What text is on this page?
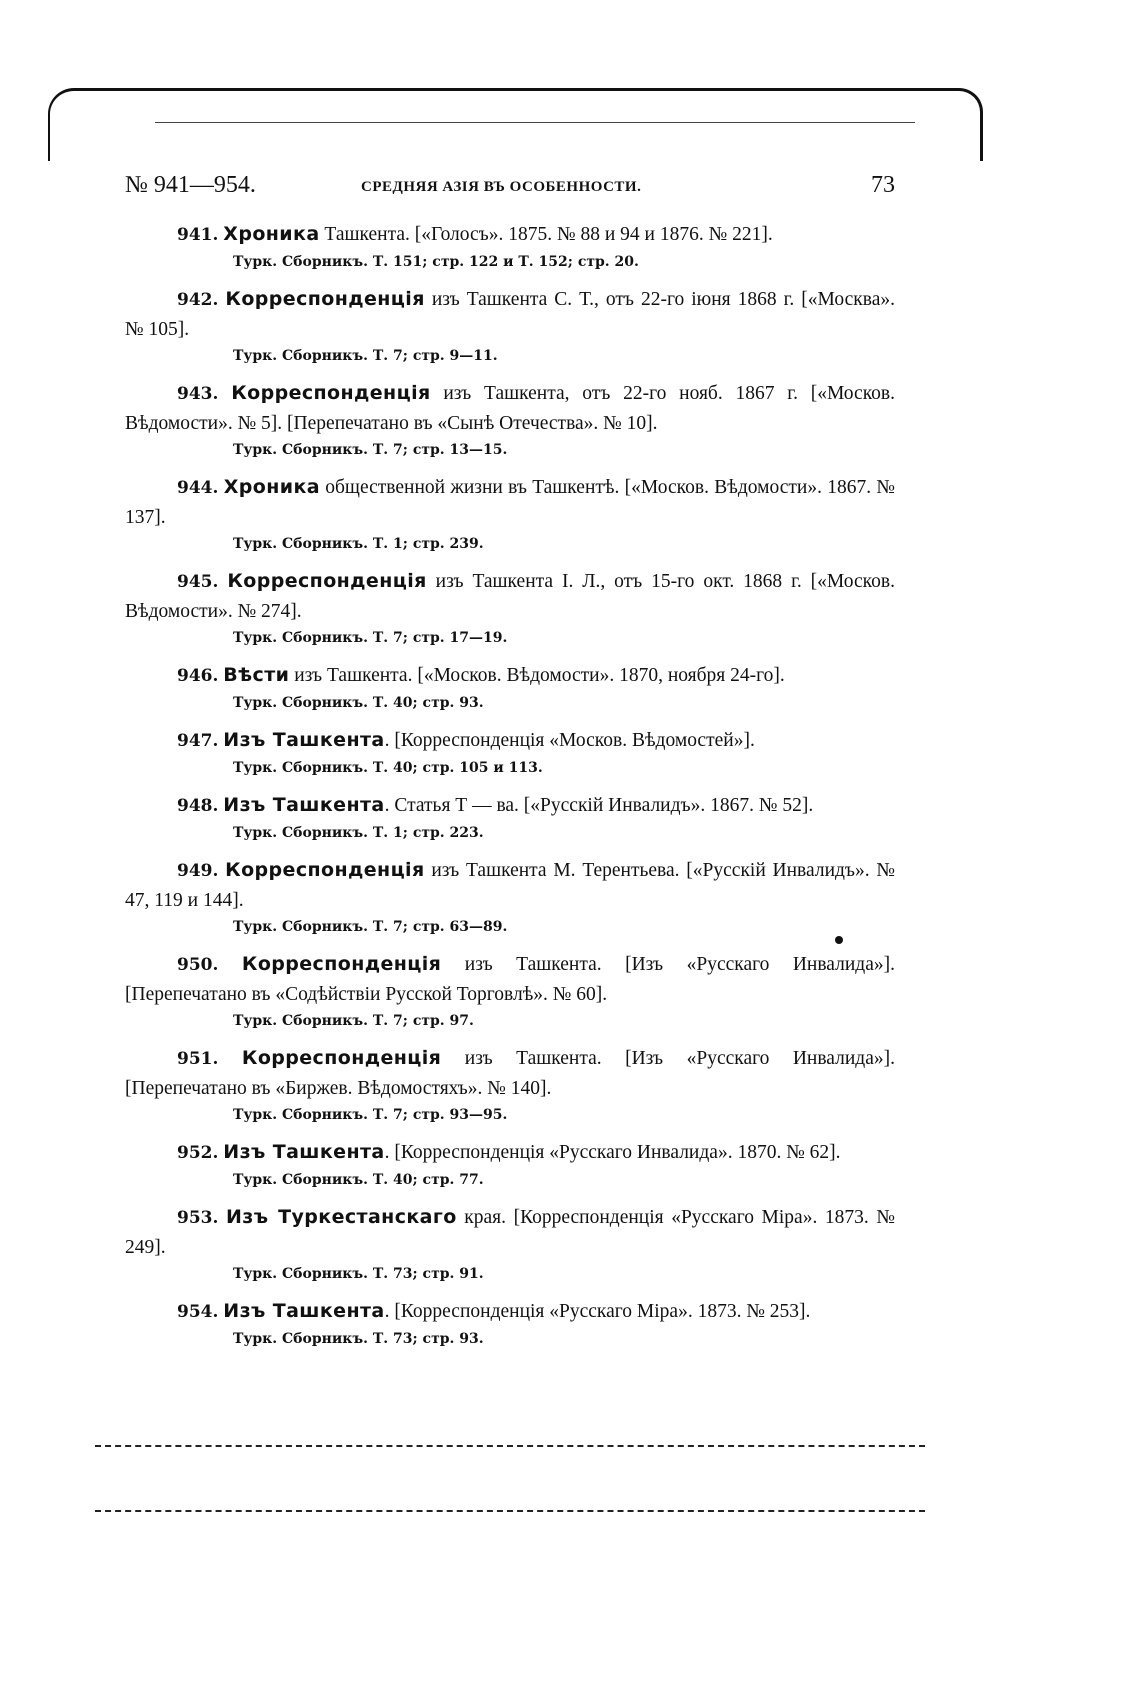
№ 941—954.	СРЕДНЯЯ АЗІЯ ВЪ ОСОБЕННОСТИ.	73

941. Хроника Ташкента. [«Голосъ». 1875. № 88 и 94 и 1876. № 221].

Турк. Сборникъ. Т. 151; стр. 122 и Т. 152; стр. 20.

942. Корреспонденція изъ Ташкента С. Т., отъ 22-го іюня 1868 г. [«Москва». № 105].

Турк. Сборникъ. Т. 7; стр. 9—11.

943. Корреспонденція изъ Ташкента, отъ 22-го нояб. 1867 г. [«Москов. Вѣдомости». № 5]. [Перепечатано въ «Сынѣ Отечества». № 10].

Турк. Сборникъ. Т. 7; стр. 13—15.

944. Хроника общественной жизни въ Ташкентѣ. [«Москов. Вѣдомости». 1867. № 137].

Турк. Сборникъ. Т. 1; стр. 239.

945. Корреспонденція изъ Ташкента І. Л., отъ 15-го окт. 1868 г. [«Москов. Вѣдомости». № 274].

Турк. Сборникъ. Т. 7; стр. 17—19.

946. Вѣсти изъ Ташкента. [«Москов. Вѣдомости». 1870, ноября 24-го].

Турк. Сборникъ. Т. 40; стр. 93.

947. Изъ Ташкента. [Корреспонденція «Москов. Вѣдомостей»].

Турк. Сборникъ. Т. 40; стр. 105 и 113.

948. Изъ Ташкента. Статья Т — ва. [«Русскій Инвалидъ». 1867. № 52].

Турк. Сборникъ. Т. 1; стр. 223.

949. Корреспонденція изъ Ташкента М. Терентьева. [«Русскій Инвалидъ». № 47, 119 и 144].

Турк. Сборникъ. Т. 7; стр. 63—89.

950. Корреспонденція изъ Ташкента. [Изъ «Русскаго Инвалида»]. [Перепечатано въ «Содѣйствіи Русской Торговлѣ». № 60].

Турк. Сборникъ. Т. 7; стр. 97.

951. Корреспонденція изъ Ташкента. [Изъ «Русскаго Инвалида»]. [Перепечатано въ «Биржев. Вѣдомостяхъ». № 140].

Турк. Сборникъ. Т. 7; стр. 93—95.

952. Изъ Ташкента. [Корреспонденція «Русскаго Инвалида». 1870. № 62].

Турк. Сборникъ. Т. 40; стр. 77.

953. Изъ Туркестанскаго края. [Корреспонденція «Русскаго Міра». 1873. № 249].

Турк. Сборникъ. Т. 73; стр. 91.

954. Изъ Ташкента. [Корреспонденція «Русскаго Міра». 1873. № 253].

Турк. Сборникъ. Т. 73; стр. 93.
